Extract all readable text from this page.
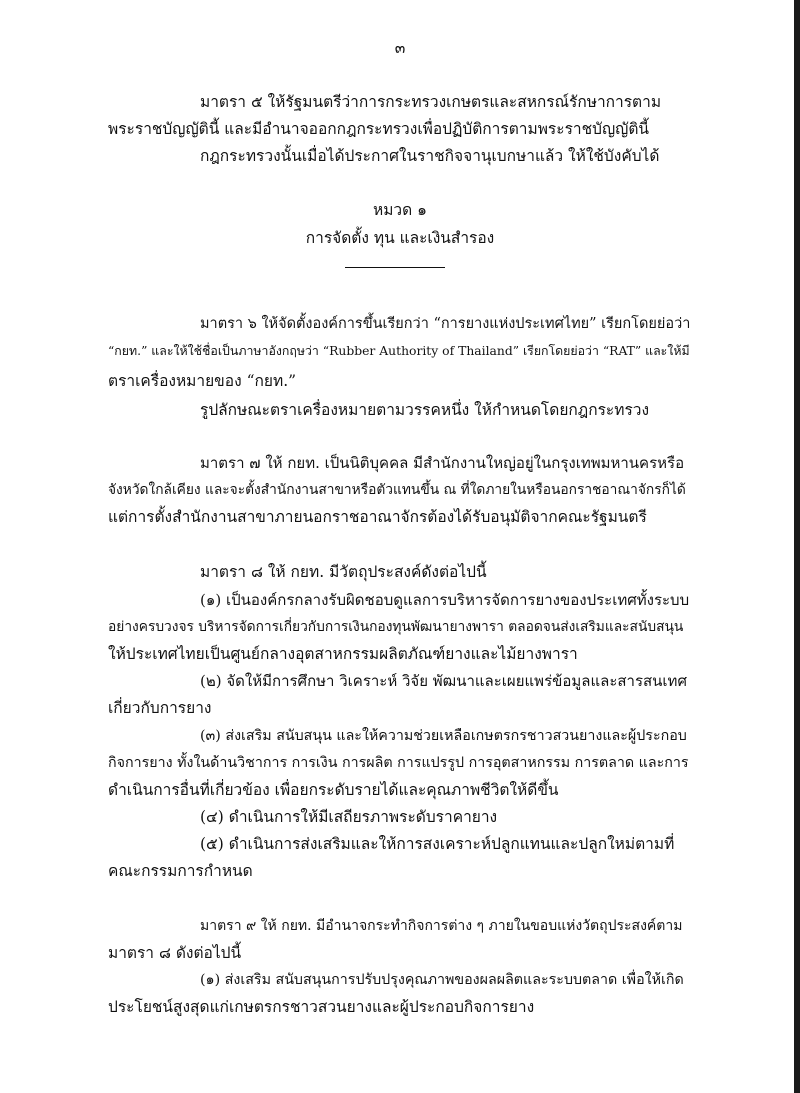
๓
มาตรา ๕ ให้รัฐมนตรีว่าการกระทรวงเกษตรและสหกรณ์รักษาการตาม
พระราชบัญญัตินี้ และมีอำนาจออกกฎกระทรวงเพื่อปฏิบัติการตามพระราชบัญญัตินี้
กฎกระทรวงนั้นเมื่อได้ประกาศในราชกิจจานุเบกษาแล้ว ให้ใช้บังคับได้
หมวด ๑
การจัดตั้ง ทุน และเงินสำรอง
มาตรา ๖ ให้จัดตั้งองค์การขึ้นเรียกว่า “การยางแห่งประเทศไทย” เรียกโดยย่อว่า
“กยท.” และให้ใช้ชื่อเป็นภาษาอังกฤษว่า “Rubber Authority of Thailand” เรียกโดยย่อว่า “RAT” และให้มี
ตราเครื่องหมายของ “กยท.”
รูปลักษณะตราเครื่องหมายตามวรรคหนึ่ง ให้กำหนดโดยกฎกระทรวง
มาตรา ๗ ให้ กยท. เป็นนิติบุคคล มีสำนักงานใหญ่อยู่ในกรุงเทพมหานครหรือ
จังหวัดใกล้เคียง และจะตั้งสำนักงานสาขาหรือตัวแทนขึ้น ณ ที่ใดภายในหรือนอกราชอาณาจักรก็ได้
แต่การตั้งสำนักงานสาขาภายนอกราชอาณาจักรต้องได้รับอนุมัติจากคณะรัฐมนตรี
มาตรา ๘ ให้ กยท. มีวัตถุประสงค์ดังต่อไปนี้
(๑) เป็นองค์กรกลางรับผิดชอบดูแลการบริหารจัดการยางของประเทศทั้งระบบ
อย่างครบวงจร บริหารจัดการเกี่ยวกับการเงินกองทุนพัฒนายางพารา ตลอดจนส่งเสริมและสนับสนุน
ให้ประเทศไทยเป็นศูนย์กลางอุตสาหกรรมผลิตภัณฑ์ยางและไม้ยางพารา
(๒) จัดให้มีการศึกษา วิเคราะห์ วิจัย พัฒนาและเผยแพร่ข้อมูลและสารสนเทศ
เกี่ยวกับการยาง
(๓) ส่งเสริม สนับสนุน และให้ความช่วยเหลือเกษตรกรชาวสวนยางและผู้ประกอบ
กิจการยาง ทั้งในด้านวิชาการ การเงิน การผลิต การแปรรูป การอุตสาหกรรม การตลาด และการ
ดำเนินการอื่นที่เกี่ยวข้อง เพื่อยกระดับรายได้และคุณภาพชีวิตให้ดีขึ้น
(๔) ดำเนินการให้มีเสถียรภาพระดับราคายาง
(๕) ดำเนินการส่งเสริมและให้การสงเคราะห์ปลูกแทนและปลูกใหม่ตามที่
คณะกรรมการกำหนด
มาตรา ๙ ให้ กยท. มีอำนาจกระทำกิจการต่าง ๆ ภายในขอบแห่งวัตถุประสงค์ตาม
มาตรา ๘ ดังต่อไปนี้
(๑) ส่งเสริม สนับสนุนการปรับปรุงคุณภาพของผลผลิตและระบบตลาด เพื่อให้เกิด
ประโยชน์สูงสุดแก่เกษตรกรชาวสวนยางและผู้ประกอบกิจการยาง
